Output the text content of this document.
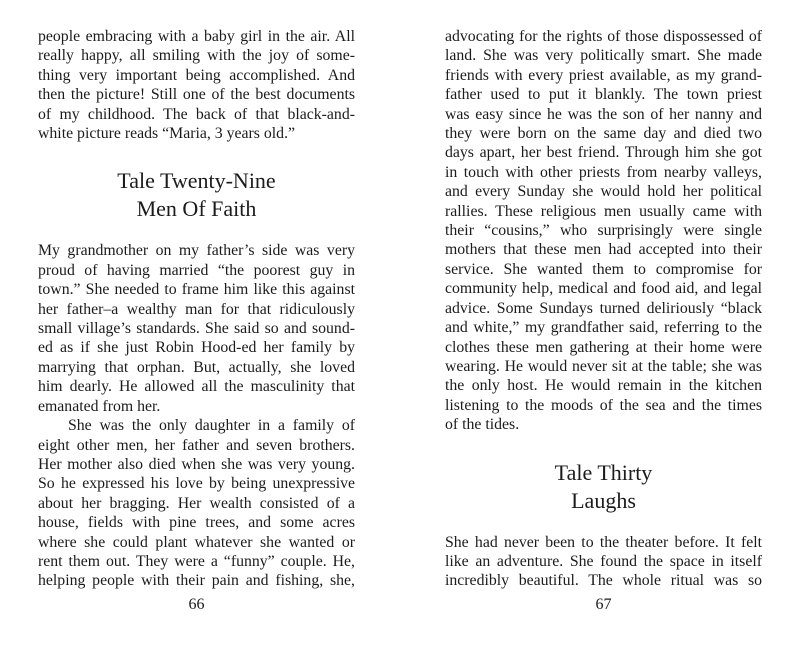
people embracing with a baby girl in the air. All
really happy, all smiling with the joy of some-
thing very important being accomplished. And
then the picture! Still one of the best documents
of my childhood. The back of that black-and-
white picture reads “Maria, 3 years old.”
Tale Twenty-Nine
Men Of Faith
My grandmother on my father’s side was very
proud of having married “the poorest guy in
town.” She needed to frame him like this against
her father–a wealthy man for that ridiculously
small village’s standards. She said so and sound-
ed as if she just Robin Hood-ed her family by
marrying that orphan. But, actually, she loved
him dearly. He allowed all the masculinity that
emanated from her.
She was the only daughter in a family of
eight other men, her father and seven brothers.
Her mother also died when she was very young.
So he expressed his love by being unexpressive
about her bragging. Her wealth consisted of a
house, fields with pine trees, and some acres
where she could plant whatever she wanted or
rent them out. They were a “funny” couple. He,
helping people with their pain and fishing, she,
66
advocating for the rights of those dispossessed of
land. She was very politically smart. She made
friends with every priest available, as my grand-
father used to put it blankly. The town priest
was easy since he was the son of her nanny and
they were born on the same day and died two
days apart, her best friend. Through him she got
in touch with other priests from nearby valleys,
and every Sunday she would hold her political
rallies. These religious men usually came with
their “cousins,” who surprisingly were single
mothers that these men had accepted into their
service. She wanted them to compromise for
community help, medical and food aid, and legal
advice. Some Sundays turned deliriously “black
and white,” my grandfather said, referring to the
clothes these men gathering at their home were
wearing. He would never sit at the table; she was
the only host. He would remain in the kitchen
listening to the moods of the sea and the times
of the tides.
Tale Thirty
Laughs
She had never been to the theater before. It felt
like an adventure. She found the space in itself
incredibly beautiful. The whole ritual was so
67
